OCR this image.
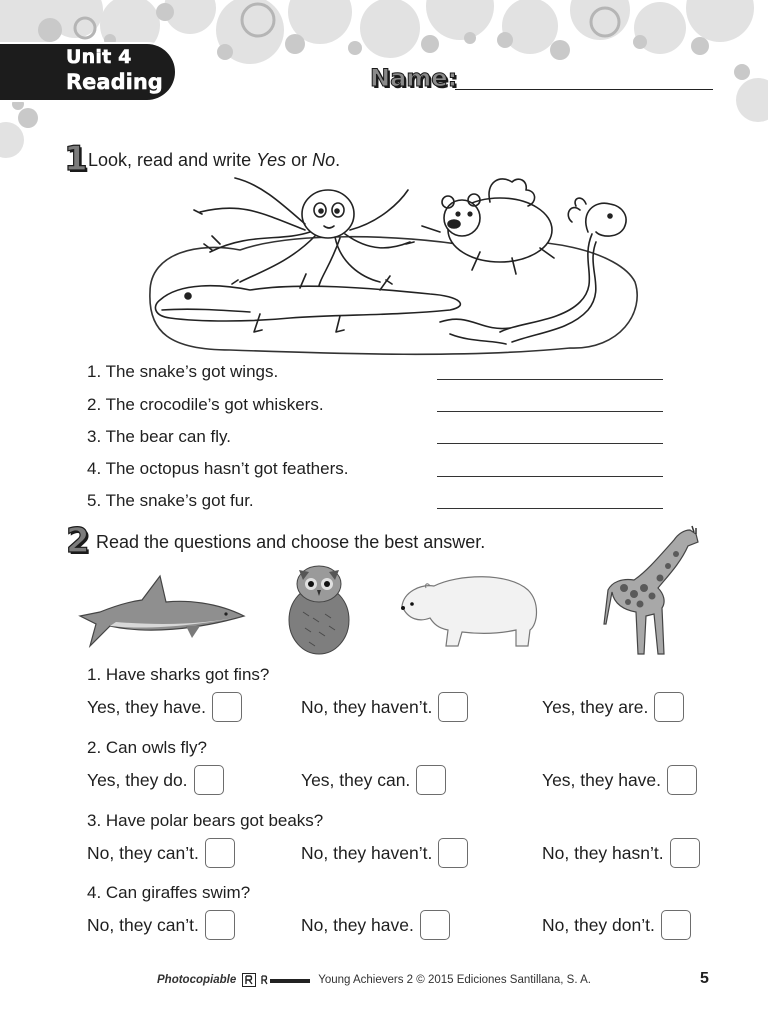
Unit 4
Reading	Name:
1 Look, read and write Yes or No.
1. The snake’s got wings.
2. The crocodile’s got whiskers.
3. The bear can fly.
4. The octopus hasn’t got feathers.
5. The snake’s got fur.
2 Read the questions and choose the best answer.
1. Have sharks got fins?
Yes, they have.	No, they haven’t.	Yes, they are.
2. Can owls fly?
Yes, they do.	Yes, they can.	Yes, they have.
3. Have polar bears got beaks?
No, they can’t.	No, they haven’t.	No, they hasn’t.
4. Can giraffes swim?
No, they can’t.	No, they have.	No, they don’t.
Photocopiable	Young Achievers 2 © 2015 Ediciones Santillana, S. A.	5
